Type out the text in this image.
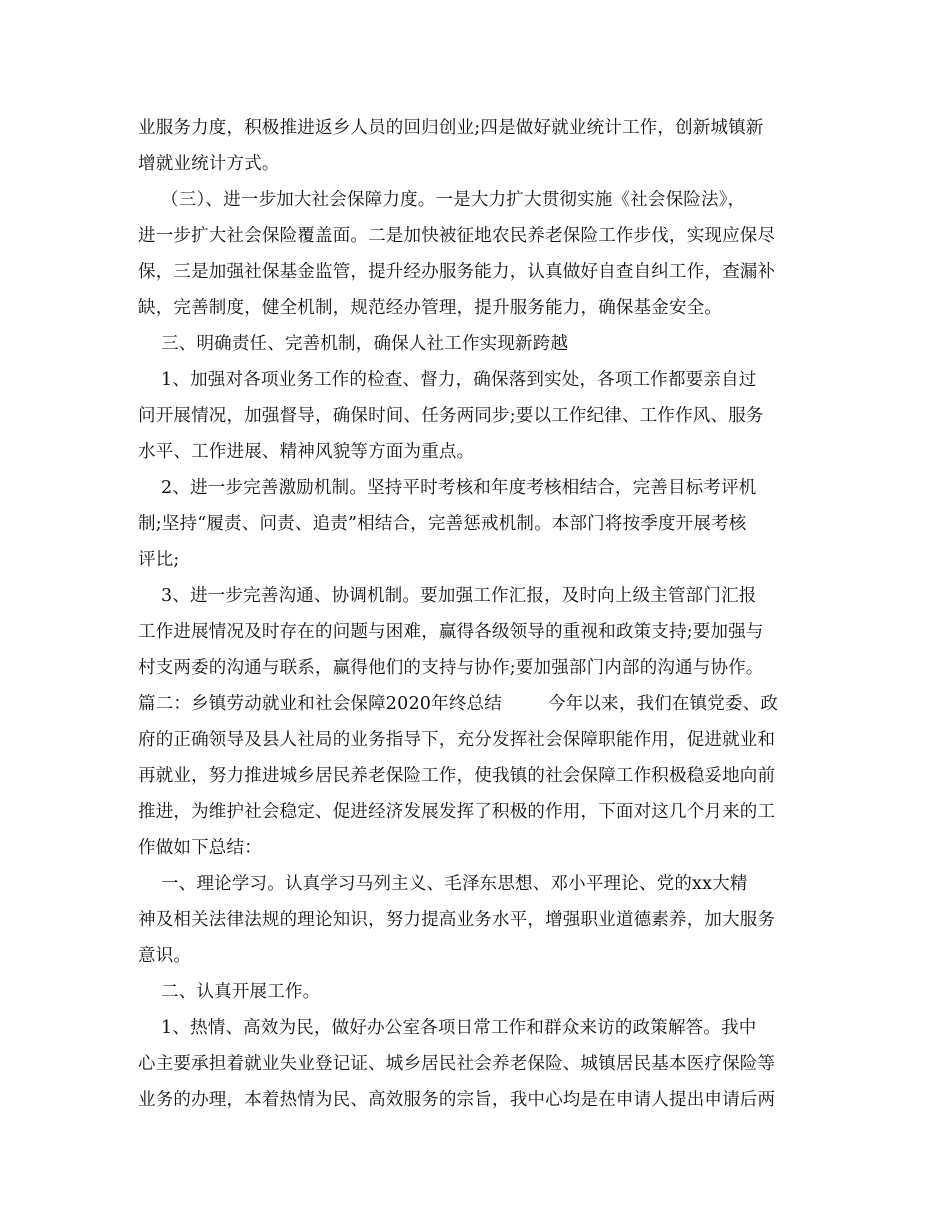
业服务力度，积极推进返乡人员的回归创业;四是做好就业统计工作，创新城镇新
增就业统计方式。
（三）、进一步加大社会保障力度。一是大力扩大贯彻实施《社会保险法》，
进一步扩大社会保险覆盖面。二是加快被征地农民养老保险工作步伐，实现应保尽
保，三是加强社保基金监管，提升经办服务能力，认真做好自查自纠工作，查漏补
缺，完善制度，健全机制，规范经办管理，提升服务能力，确保基金安全。
三、明确责任、完善机制，确保人社工作实现新跨越
1、加强对各项业务工作的检查、督力，确保落到实处，各项工作都要亲自过
问开展情况，加强督导，确保时间、任务两同步;要以工作纪律、工作作风、服务
水平、工作进展、精神风貌等方面为重点。
2、进一步完善激励机制。坚持平时考核和年度考核相结合，完善目标考评机
制;坚持“履责、问责、追责”相结合，完善惩戒机制。本部门将按季度开展考核
评比;
3、进一步完善沟通、协调机制。要加强工作汇报，及时向上级主管部门汇报
工作进展情况及时存在的问题与困难，赢得各级领导的重视和政策支持;要加强与
村支两委的沟通与联系，赢得他们的支持与协作;要加强部门内部的沟通与协作。
篇二：乡镇劳动就业和社会保障2020年终总结        今年以来，我们在镇党委、政
府的正确领导及县人社局的业务指导下，充分发挥社会保障职能作用，促进就业和
再就业，努力推进城乡居民养老保险工作，使我镇的社会保障工作积极稳妥地向前
推进，为维护社会稳定、促进经济发展发挥了积极的作用，下面对这几个月来的工
作做如下总结：
一、理论学习。认真学习马列主义、毛泽东思想、邓小平理论、党的xx大精
神及相关法律法规的理论知识，努力提高业务水平，增强职业道德素养，加大服务
意识。
二、认真开展工作。
1、热情、高效为民，做好办公室各项日常工作和群众来访的政策解答。我中
心主要承担着就业失业登记证、城乡居民社会养老保险、城镇居民基本医疗保险等
业务的办理，本着热情为民、高效服务的宗旨，我中心均是在申请人提出申请后两
